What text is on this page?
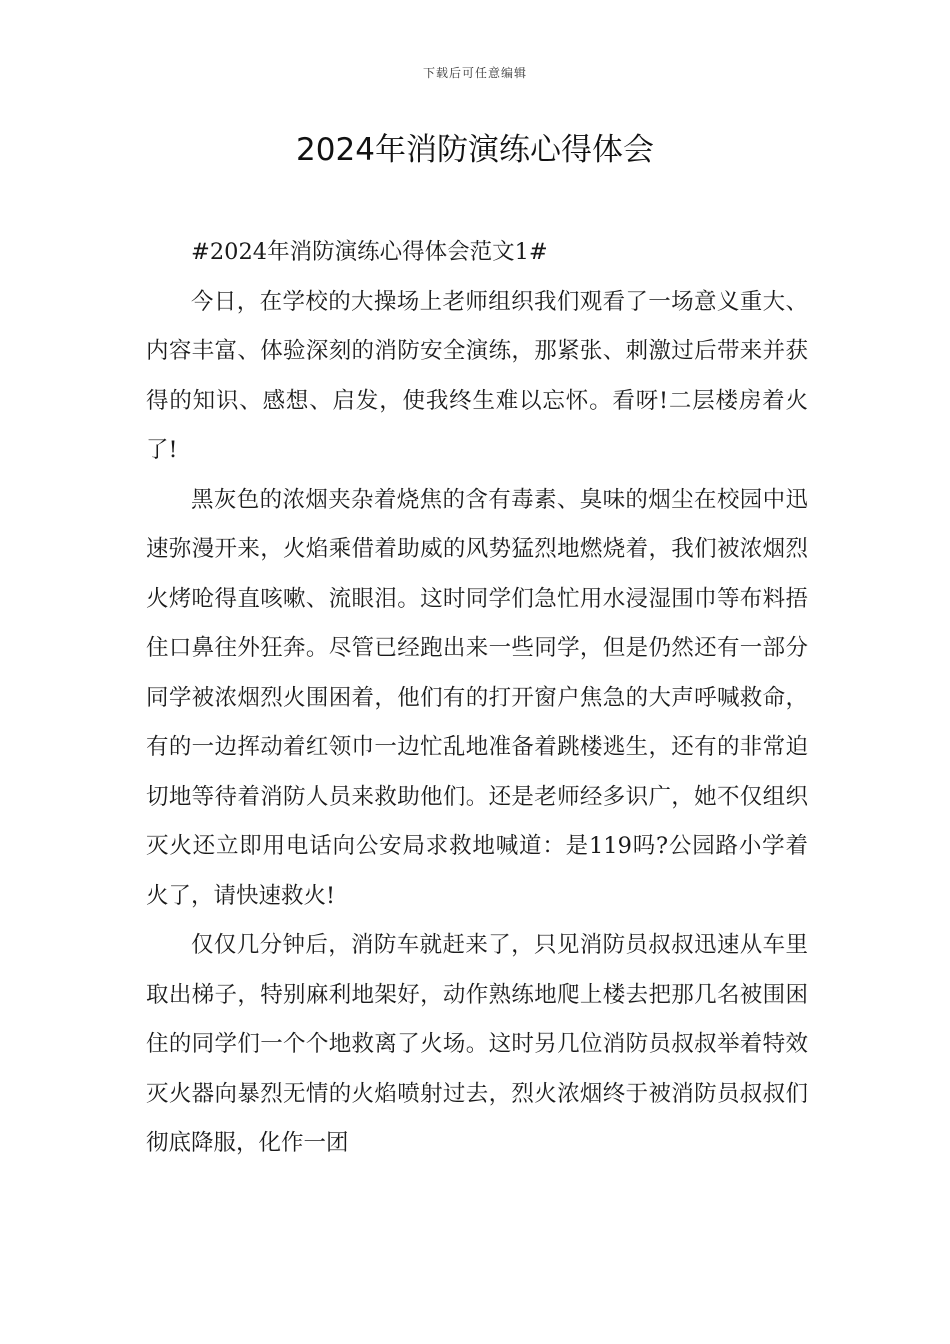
下载后可任意编辑
2024年消防演练心得体会

#2024年消防演练心得体会范文1#

今日，在学校的大操场上老师组织我们观看了一场意义重大、内容丰富、体验深刻的消防安全演练，那紧张、刺激过后带来并获得的知识、感想、启发，使我终生难以忘怀。看呀!二层楼房着火了!

黑灰色的浓烟夹杂着烧焦的含有毒素、臭味的烟尘在校园中迅速弥漫开来，火焰乘借着助威的风势猛烈地燃烧着，我们被浓烟烈火烤呛得直咳嗽、流眼泪。这时同学们急忙用水浸湿围巾等布料捂住口鼻往外狂奔。尽管已经跑出来一些同学，但是仍然还有一部分同学被浓烟烈火围困着，他们有的打开窗户焦急的大声呼喊救命，有的一边挥动着红领巾一边忙乱地准备着跳楼逃生，还有的非常迫切地等待着消防人员来救助他们。还是老师经多识广，她不仅组织灭火还立即用电话向公安局求救地喊道：是119吗?公园路小学着火了，请快速救火!

仅仅几分钟后，消防车就赶来了，只见消防员叔叔迅速从车里取出梯子，特别麻利地架好，动作熟练地爬上楼去把那几名被围困住的同学们一个个地救离了火场。这时另几位消防员叔叔举着特效灭火器向暴烈无情的火焰喷射过去，烈火浓烟终于被消防员叔叔们彻底降服，化作一团
